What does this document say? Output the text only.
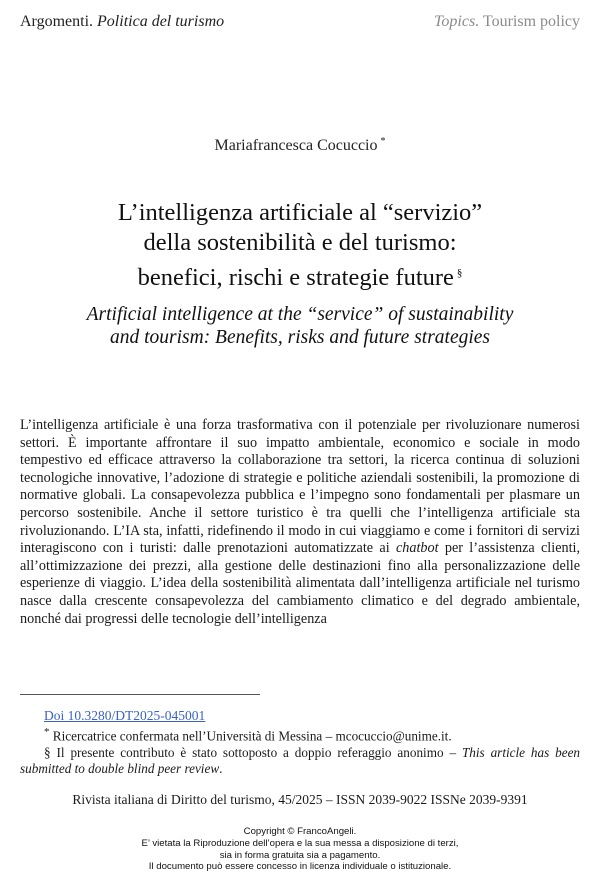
Argomenti. Politica del turismo	Topics. Tourism policy
Mariafrancesca Cocuccio *
L’intelligenza artificiale al “servizio”
della sostenibilità e del turismo:
benefici, rischi e strategie future §
Artificial intelligence at the “service” of sustainability
and tourism: Benefits, risks and future strategies

L’intelligenza artificiale è una forza trasformativa con il potenziale per rivoluzionare numerosi settori. È importante affrontare il suo impatto ambientale, economico e sociale in modo tempestivo ed efficace attraverso la collaborazione tra settori, la ricerca continua di soluzioni tecnologiche innovative, l’adozione di strategie e politiche aziendali sostenibili, la promozione di normative globali. La consapevolezza pubblica e l’impegno sono fondamentali per plasmare un percorso sostenibile. Anche il settore turistico è tra quelli che l’intelligenza artificiale sta rivoluzionando. L’IA sta, infatti, ridefinendo il modo in cui viaggiamo e come i fornitori di servizi interagiscono con i turisti: dalle prenotazioni automatizzate ai chatbot per l’assistenza clienti, all’ottimizzazione dei prezzi, alla gestione delle destinazioni fino alla personalizzazione delle esperienze di viaggio. L’idea della sostenibilità alimentata dall’intelligenza artificiale nel turismo nasce dalla crescente consapevolezza del cambiamento climatico e del degrado ambientale, nonché dai progressi delle tecnologie dell’intelligenza

Doi 10.3280/DT2025-045001

* Ricercatrice confermata nell’Università di Messina – mcocuccio@unime.it.

§ Il presente contributo è stato sottoposto a doppio referaggio anonimo – This article has been submitted to double blind peer review.

Rivista italiana di Diritto del turismo, 45/2025 – ISSN 2039-9022 ISSNe 2039-9391
Copyright © FrancoAngeli.
E’ vietata la Riproduzione dell’opera e la sua messa a disposizione di terzi,
sia in forma gratuita sia a pagamento.
Il documento può essere concesso in licenza individuale o istituzionale.
